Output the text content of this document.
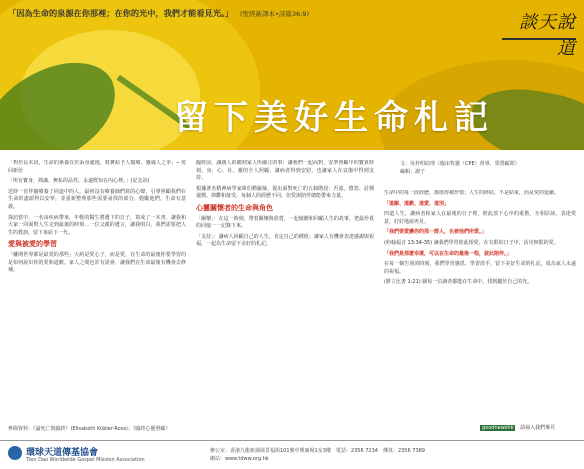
「因為生命的泉源在你那裡；在你的光中，我們才能看見光。」 (聖經新譯本•詩篇36:9)	談天說道
留下美好生命札記

「對於長末段，生命的素養在於訴身處地、寫實給予人醫療、靈魂人之拳」─ 愛回新份

「所有寶身，熟識、無私的品性，永遠既知在內心裡。」(記念詩)

送終一直伴隨療養了同道中的人，最初沒有療養師們寫的心聲，引導照顧我們在生命的盡頭得以安寧，並重新整理那些需要尋找的部分，勉勵他們，生命有意義。

探訪當中，一名由疾病帶來，年輕的醫生將遺下的日子，寫成了一本書，讓我和大家一同面對人生走到最後的時刻…一位父親的遺言，讓我明白，我們需要把人生的教訓，留下來給下一代。

愛與被愛的學習

「離開世界都是最愛的那些」大約是愛心子，而是愛，在生命的最後你要學習的是如何說出你的愛和道歉。家人之間也許有誤會，讓我們在生命最後有機會去修補。

臨終前，讓親人聆聽到家人所關注的事；讓我們一起面對，安寧照顧中的寶貴時刻，身、心、社、靈的全人照顧，讓病者得到安慰，也讓家人在哀傷中得到支持。

根據著名精神病學家庫伯勒羅絲，提出面對死亡的五個階段：否認、憤怒、討價還價、抑鬱和接受。每個人的經歷不同，但愛與陪伴總能帶來力量。

心靈關懷者的生命與角色

「關懷」：在這一時刻，帶着關懷與欣賞，一起傾聽和回顧人生的故事，把最珍貴的回憶一一記錄下來。

「支持」：讓病人回顧自己的人生，肯定自己的價值；讓家人有機會表達感謝與祝福，一起為生命留下美好的札記。

生命中的每一段經歷，都值得被珍惜；人生的終結，不是結束，而是愛的延續。

「道謝、道歉、道愛、道別」

四道人生，讓病者和家人在最後的日子裡，彼此放下心中的重擔，互相原諒，表達愛意，好好地說再見。

「我們要愛護你的那一群人，也被他們所愛。」

(約翰福音 13:34-35) 讓我們學習彼此相愛，在有限的日子中，活出無限的愛。

「我們是那麼幸運，可以在生命的最後一程，彼此陪伴。」

在每一個告別的時刻，我們學習感恩、學習放手，留下美好生命的札記，成為家人永遠的祝福。

(腓立比書 1:21) 願每一位讀者都能在生命中，找到屬於自己的光。

文：吳梓明助理（臨床牧靈（CPE）督導、榮譽顧問）
編輯：謝子
參閱資料：《論死亡與臨終》(Elisabeth Kübler-Ross)；《臨終心靈照顧》	goodnewshk 請掃入我們專頁
環球天道傳基協會
Tien Dao Worldwide Gospel Mission Association
辦公室：香港九龍新蒲崗景福街101號中興廣場1室3樓　電話：2356 7234　傳真：2356 7389
網站：www.tdww.org.hk
